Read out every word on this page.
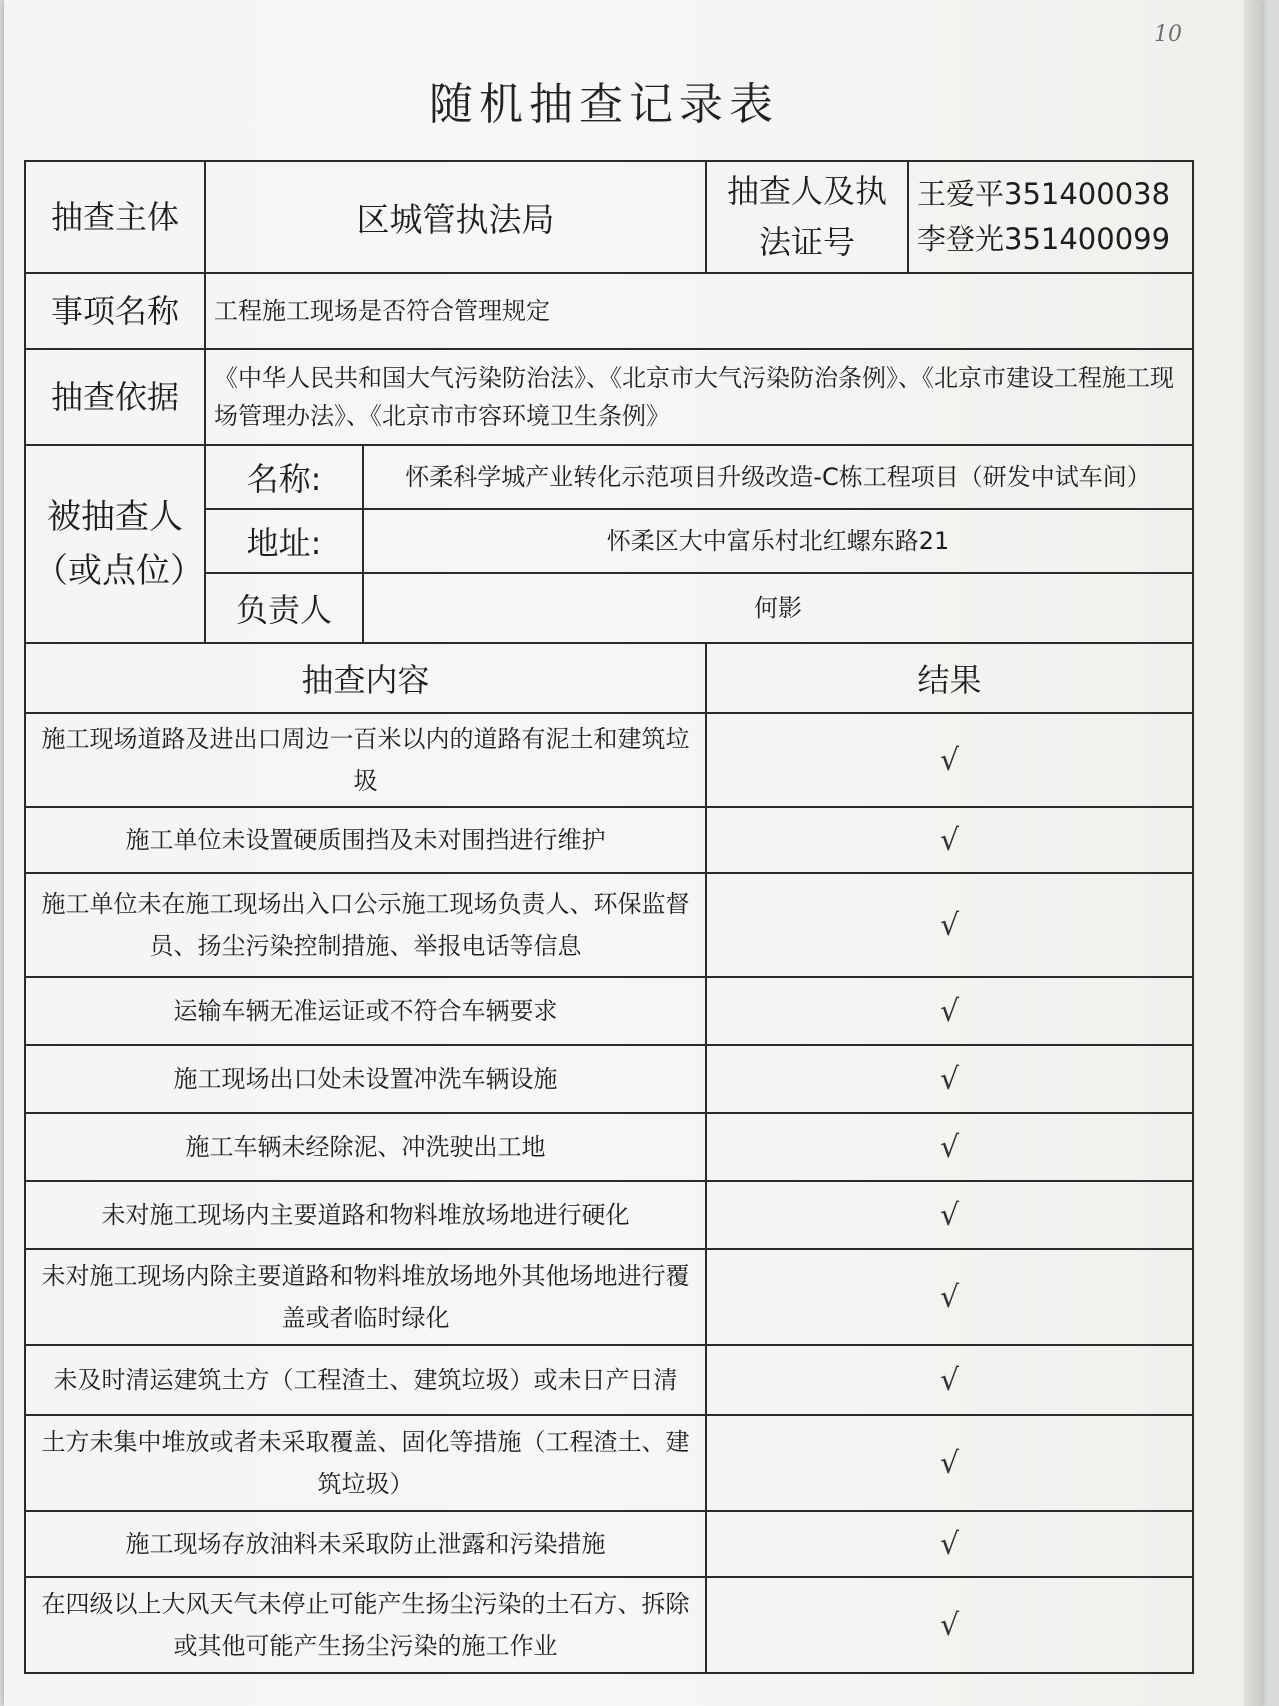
10
随机抽查记录表
抽查主体	区城管执法局		抽查人及执法证号	王爱平351400038
李登光351400099

事项名称	工程施工现场是否符合管理规定			
抽查依据	《中华人民共和国大气污染防治法》、《北京市大气污染防治条例》、《北京市建设工程施工现场管理办法》、《北京市市容环境卫生条例》			
被抽查人（或点位）	名称:	怀柔科学城产业转化示范项目升级改造-C栋工程项目（研发中试车间）		
	地址:	怀柔区大中富乐村北红螺东路21		
	负责人	何影		
抽查内容			结果	
施工现场道路及进出口周边一百米以内的道路有泥土和建筑垃圾			√	
施工单位未设置硬质围挡及未对围挡进行维护			√	
施工单位未在施工现场出入口公示施工现场负责人、环保监督员、扬尘污染控制措施、举报电话等信息			√	
运输车辆无准运证或不符合车辆要求			√	
施工现场出口处未设置冲洗车辆设施			√	
施工车辆未经除泥、冲洗驶出工地			√	
未对施工现场内主要道路和物料堆放场地进行硬化			√	
未对施工现场内除主要道路和物料堆放场地外其他场地进行覆盖或者临时绿化			√	
未及时清运建筑土方（工程渣土、建筑垃圾）或未日产日清			√	
土方未集中堆放或者未采取覆盖、固化等措施（工程渣土、建筑垃圾）			√	
施工现场存放油料未采取防止泄露和污染措施			√	
在四级以上大风天气未停止可能产生扬尘污染的土石方、拆除或其他可能产生扬尘污染的施工作业			√	
